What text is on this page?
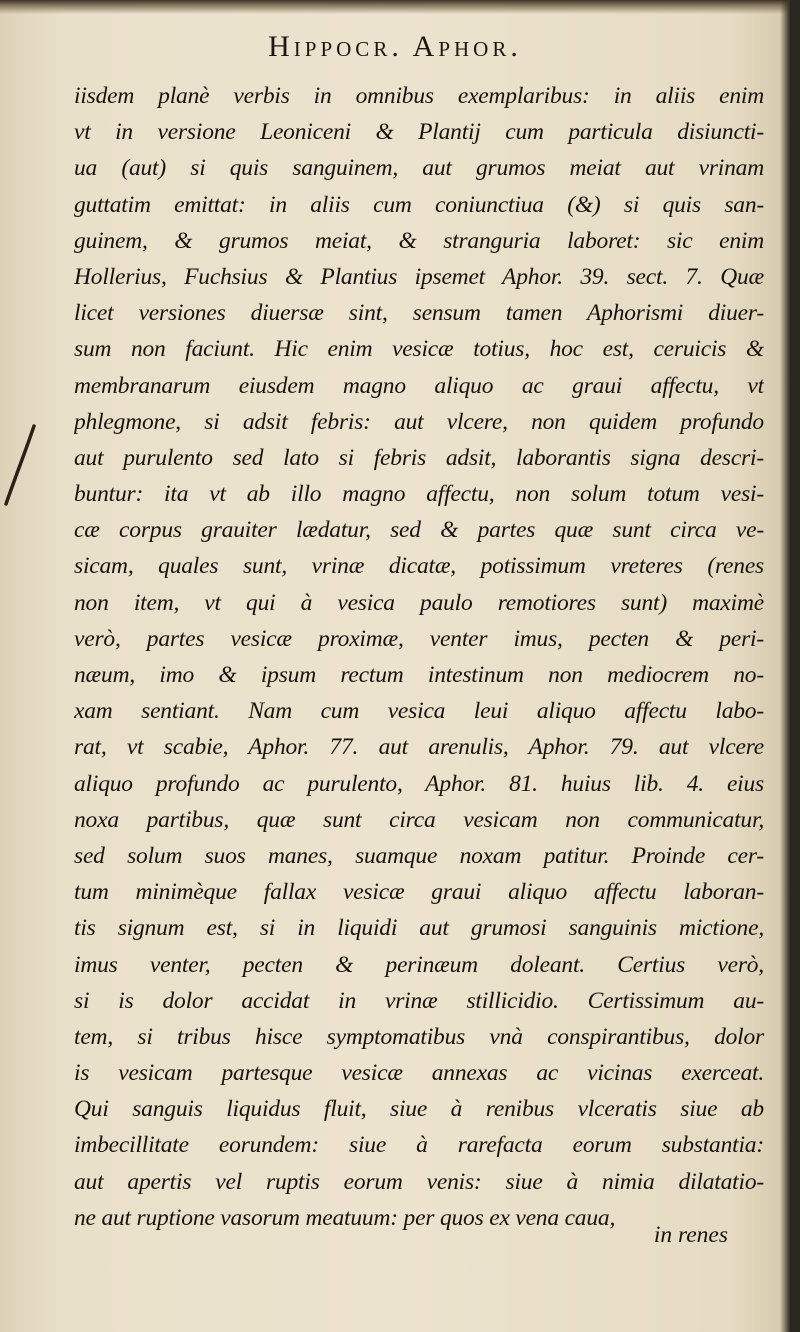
Hippocr. Aphor.
iisdem planè verbis in omnibus exemplaribus: in aliis enim
vt in versione Leoniceni & Plantij cum particula disiuncti-
ua (aut) si quis sanguinem, aut grumos meiat aut vrinam
guttatim emittat: in aliis cum coniunctiua (&) si quis san-
guinem, & grumos meiat, & stranguria laboret: sic enim
Hollerius, Fuchsius & Plantius ipsemet Aphor. 39. sect. 7. Quæ
licet versiones diuersæ sint, sensum tamen Aphorismi diuer-
sum non faciunt. Hic enim vesicæ totius, hoc est, ceruicis &
membranarum eiusdem magno aliquo ac graui affectu, vt
phlegmone, si adsit febris: aut vlcere, non quidem profundo
aut purulento sed lato si febris adsit, laborantis signa descri-
buntur: ita vt ab illo magno affectu, non solum totum vesi-
cæ corpus grauiter lædatur, sed & partes quæ sunt circa ve-
sicam, quales sunt, vrinæ dicatæ, potissimum vreteres (renes
non item, vt qui à vesica paulo remotiores sunt) maximè
verò, partes vesicæ proximæ, venter imus, pecten & peri-
næum, imo & ipsum rectum intestinum non mediocrem no-
xam sentiant. Nam cum vesica leui aliquo affectu labo-
rat, vt scabie, Aphor. 77. aut arenulis, Aphor. 79. aut vlcere
aliquo profundo ac purulento, Aphor. 81. huius lib. 4. eius
noxa partibus, quæ sunt circa vesicam non communicatur,
sed solum suos manes, suamque noxam patitur. Proinde cer-
tum minimèque fallax vesicæ graui aliquo affectu laboran-
tis signum est, si in liquidi aut grumosi sanguinis mictione,
imus venter, pecten & perinæum doleant. Certius verò,
si is dolor accidat in vrinæ stillicidio. Certissimum au-
tem, si tribus hisce symptomatibus vnà conspirantibus, dolor
is vesicam partesque vesicæ annexas ac vicinas exerceat.
Qui sanguis liquidus fluit, siue à renibus vlceratis siue ab
imbecillitate eorundem: siue à rarefacta eorum substantia:
aut apertis vel ruptis eorum venis: siue à nimia dilatatio-
ne aut ruptione vasorum meatuum: per quos ex vena caua,
in renes
